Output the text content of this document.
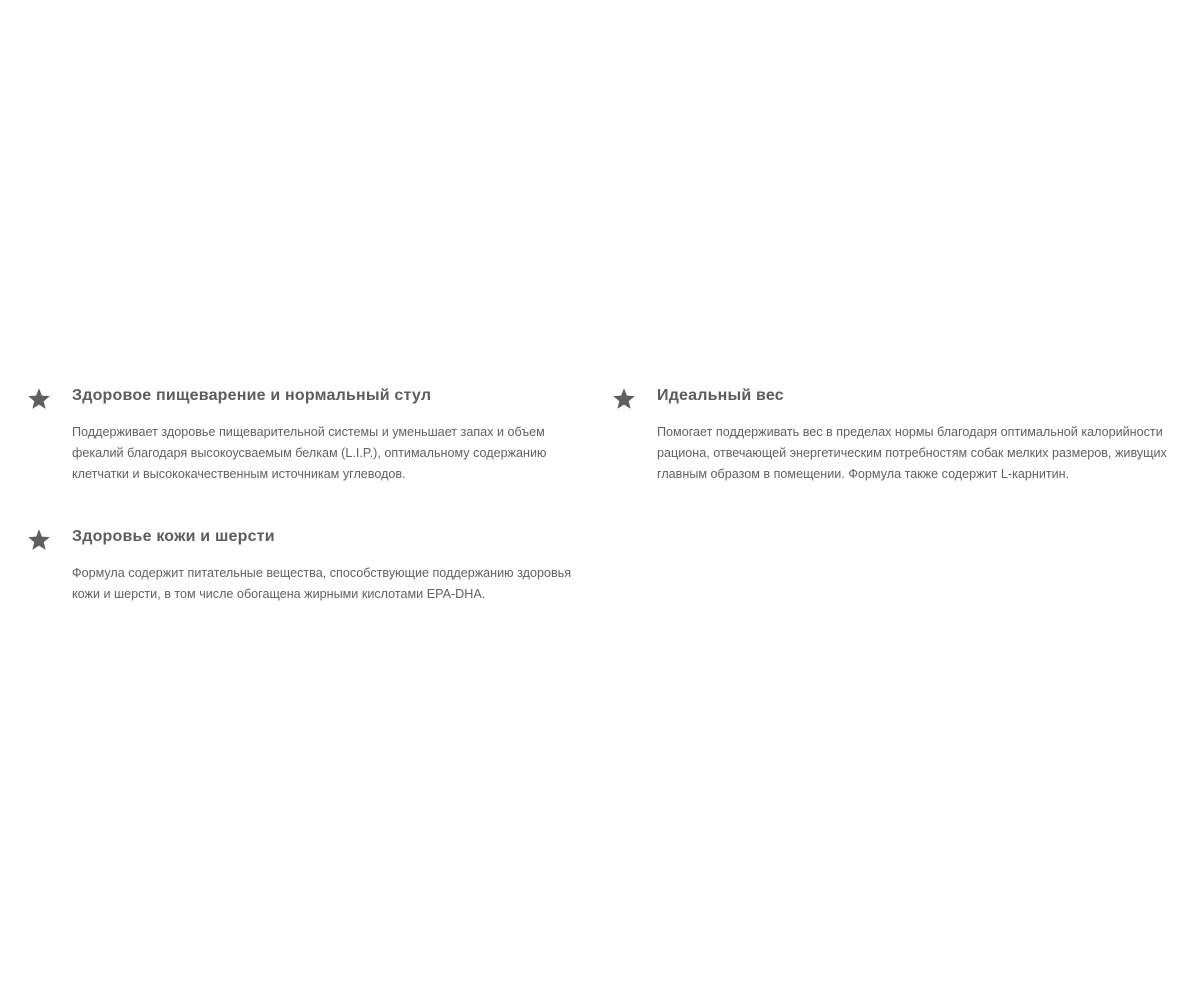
Здоровое пищеварение и нормальный стул

Поддерживает здоровье пищеварительной системы и уменьшает запах и объем фекалий благодаря высокоусваемым белкам (L.I.P.), оптимальному содержанию клетчатки и высококачественным источникам углеводов.

Идеальный вес

Помогает поддерживать вес в пределах нормы благодаря оптимальной калорийности рациона, отвечающей энергетическим потребностям собак мелких размеров, живущих главным образом в помещении. Формула также содержит L-карнитин.

Здоровье кожи и шерсти

Формула содержит питательные вещества, способствующие поддержанию здоровья кожи и шерсти, в том числе обогащена жирными кислотами EPA-DHA.
